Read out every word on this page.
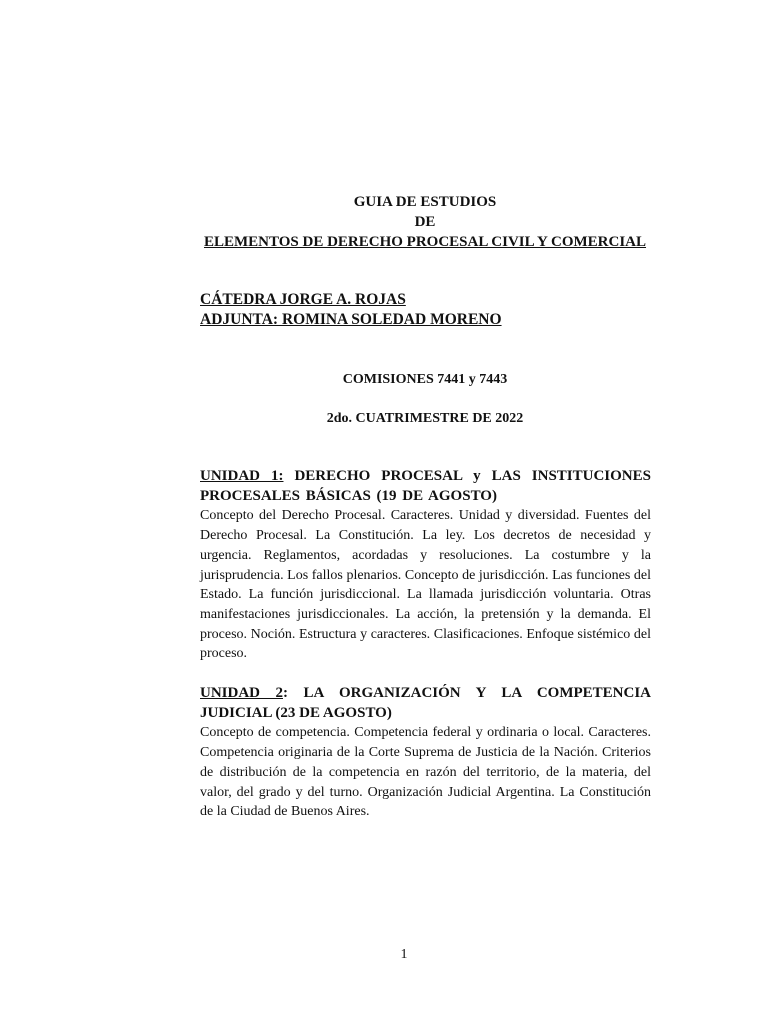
GUIA DE ESTUDIOS
DE
ELEMENTOS DE DERECHO PROCESAL CIVIL Y COMERCIAL
CÁTEDRA JORGE A. ROJAS
ADJUNTA: ROMINA SOLEDAD MORENO
COMISIONES 7441 y 7443
2do. CUATRIMESTRE DE 2022
UNIDAD 1: DERECHO PROCESAL y LAS INSTITUCIONES PROCESALES BÁSICAS (19 DE AGOSTO)
Concepto del Derecho Procesal. Caracteres. Unidad y diversidad. Fuentes del Derecho Procesal. La Constitución. La ley. Los decretos de necesidad y urgencia. Reglamentos, acordadas y resoluciones. La costumbre y la jurisprudencia. Los fallos plenarios. Concepto de jurisdicción. Las funciones del Estado. La función jurisdiccional. La llamada jurisdicción voluntaria. Otras manifestaciones jurisdiccionales. La acción, la pretensión y la demanda. El proceso. Noción. Estructura y caracteres. Clasificaciones. Enfoque sistémico del proceso.
UNIDAD 2: LA ORGANIZACIÓN Y LA COMPETENCIA JUDICIAL (23 DE AGOSTO)
Concepto de competencia. Competencia federal y ordinaria o local. Caracteres. Competencia originaria de la Corte Suprema de Justicia de la Nación. Criterios de distribución de la competencia en razón del territorio, de la materia, del valor, del grado y del turno. Organización Judicial Argentina. La Constitución de la Ciudad de Buenos Aires.
1
